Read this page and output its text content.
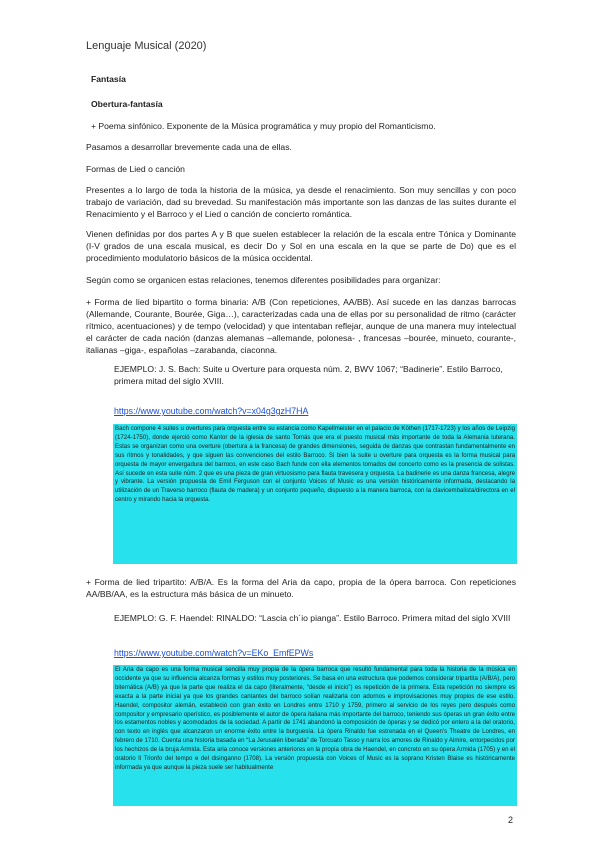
Lenguaje Musical (2020)
Fantasía
Obertura-fantasía
+ Poema sinfónico. Exponente de la Música programática y muy propio del Romanticismo.
Pasamos a desarrollar brevemente cada una de ellas.
Formas de Lied o canción
Presentes a lo largo de toda la historia de la música, ya desde el renacimiento. Son muy sencillas y con poco trabajo de variación, dad su brevedad. Su manifestación más importante son las danzas de las suites durante el Renacimiento y el Barroco y el Lied o canción de concierto romántica.
Vienen definidas por dos partes A y B que suelen establecer la relación de la escala entre Tónica y Dominante (I-V grados de una escala musical, es decir Do y Sol en una escala en la que se parte de Do) que es el procedimiento modulatorio básicos de la música occidental.
Según como se organicen estas relaciones, tenemos diferentes posibilidades para organizar:
+ Forma de lied bipartito o forma binaria: A/B (Con repeticiones, AA/BB). Así sucede en las danzas barrocas (Allemande, Courante, Bourée, Giga…), caracterizadas cada una de ellas por su personalidad de ritmo (carácter rítmico, acentuaciones) y de tempo (velocidad) y que intentaban reflejar, aunque de una manera muy intelectual el carácter de cada nación (danzas alemanas –allemande, polonesa- , francesas –bourée, minueto, courante-, italianas –giga-, españolas –zarabanda, ciaconna.
EJEMPLO: J. S. Bach: Suite u Overture para orquesta núm. 2, BWV 1067; “Badinerie”. Estilo Barroco, primera mitad del siglo XVIII.
https://www.youtube.com/watch?v=x04g3gzH7HA
Bach compone 4 suites u overtures para orquesta entre su estancia como Kapellmeister en el palacio de Köthen (1717-1723) y los años de Leipzig (1724-1750), donde ejerció como Kantor de la iglesia de santo Tomás que era el puesto musical más importante de toda la Alemania luterana. Estas se organizan como una overture (obertura a la francesa) de grandes dimensiones, seguida de danzas que contrastan fundamentalmente en sus ritmos y tonalidades, y que siguen las convenciones del estilo Barroco. Si bien la suite u overture para orquesta es la forma musical para orquesta de mayor envergadura del barroco, en este caso Bach funde con ella elementos tomados del concerto como es la presencia de solistas. Así sucede en esta suite núm. 2 que es una pieza de gran virtuosismo para flauta travesera y orquesta. La badinerie es una danza francesa, alegre y vibrante. La versión propuesta de Emil Ferguson con el conjunto Voices of Music es una versión históricamente informada, destacando la utilización de un Traverso barroco (flauta de madera) y un conjunto pequeño, dispuesto a la manera barroca, con la clavicembalista/directora en el centro y mirando hacia la orquesta.
+ Forma de lied tripartito: A/B/A. Es la forma del Aria da capo, propia de la ópera barroca. Con repeticiones AA/BB/AA, es la estructura más básica de un minueto.
EJEMPLO: G. F. Haendel: RINALDO: “Lascia ch´io pianga”. Estilo Barroco. Primera mitad del siglo XVIII
https://www.youtube.com/watch?v=EKo_EmfEPWs
El Aria da capo es una forma musical sencilla muy propia de la ópera barroca que resultó fundamental para toda la historia de la música en occidente ya que su influencia alcanza formas y estilos muy posteriores. Se basa en una estructura que podemos considerar tripartita (A/B/A), pero bitemática (A/B) ya que la parte que realiza el da capo (literalmente, “desde el inicio”) es repetición de la primera. Esta repetición no siempre es exacta a la parte inicial ya que los grandes cantantes del barroco solían realizarla con adornos e improvisaciones muy propios de ese estilo. Haendel, compositor alemán, estableció con gran éxito en Londres entre 1710 y 1759, primero al servicio de los reyes pero después como compositor y empresario operístico, es posiblemente el autor de ópera italiana más importante del barroco, teniendo sus óperas un gran éxito entre los estamentos nobles y acomodados de la sociedad. A partir de 1741 abandonó la composición de óperas y se dedicó por entero a la del oratorio, con texto en inglés que alcanzaron un enorme éxito entre la burguesía. La ópera Rinaldo fue estrenada en el Queen’s Theatre de Londres, en febrero de 1710. Cuenta una historia basada en “La Jerusalén liberada” de Torcuato Tasso y narra los amores de Rinaldo y Almire, entorpecidos por los hechizos de la bruja Armida. Esta aria conoce versiones anteriores en la propia obra de Haendel, en concreto en su ópera Armida (1705) y en el oratorio Il Trionfo del tempo e del disinganno (1708). La versión propuesta con Voices of Music es la soprano Kristen Blaise es históricamente informada ya que aunque la pieza suele ser habitualmente
2
